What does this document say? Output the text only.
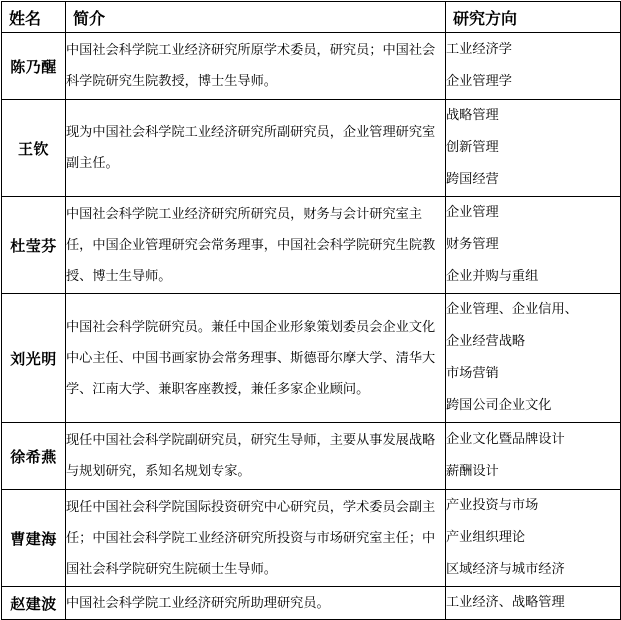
姓名	简介	研究方向
陈乃醒	中国社会科学院工业经济研究所原学术委员，研究员；中国社会科学院研究生院教授，博士生导师。	工业经济学
企业管理学

王钦	现为中国社会科学院工业经济研究所副研究员，企业管理研究室副主任。	战略管理
创新管理
跨国经营

杜莹芬	中国社会科学院工业经济研究所研究员，财务与会计研究室主任，中国企业管理研究会常务理事，中国社会科学院研究生院教授、博士生导师。	企业管理
财务管理
企业并购与重组

刘光明	中国社会科学院研究员。兼任中国企业形象策划委员会企业文化中心主任、中国书画家协会常务理事、斯德哥尔摩大学、清华大学、江南大学、兼职客座教授，兼任多家企业顾问。	企业管理、企业信用、
企业经营战略
市场营销
跨国公司企业文化

徐希燕	现任中国社会科学院副研究员，研究生导师，主要从事发展战略与规划研究，系知名规划专家。	企业文化暨品牌设计
薪酬设计

曹建海	现任中国社会科学院国际投资研究中心研究员，学术委员会副主任；中国社会科学院工业经济研究所投资与市场研究室主任；中国社会科学院研究生院硕士生导师。	产业投资与市场
产业组织理论
区域经济与城市经济

赵建波	中国社会科学院工业经济研究所助理研究员。	工业经济、战略管理
